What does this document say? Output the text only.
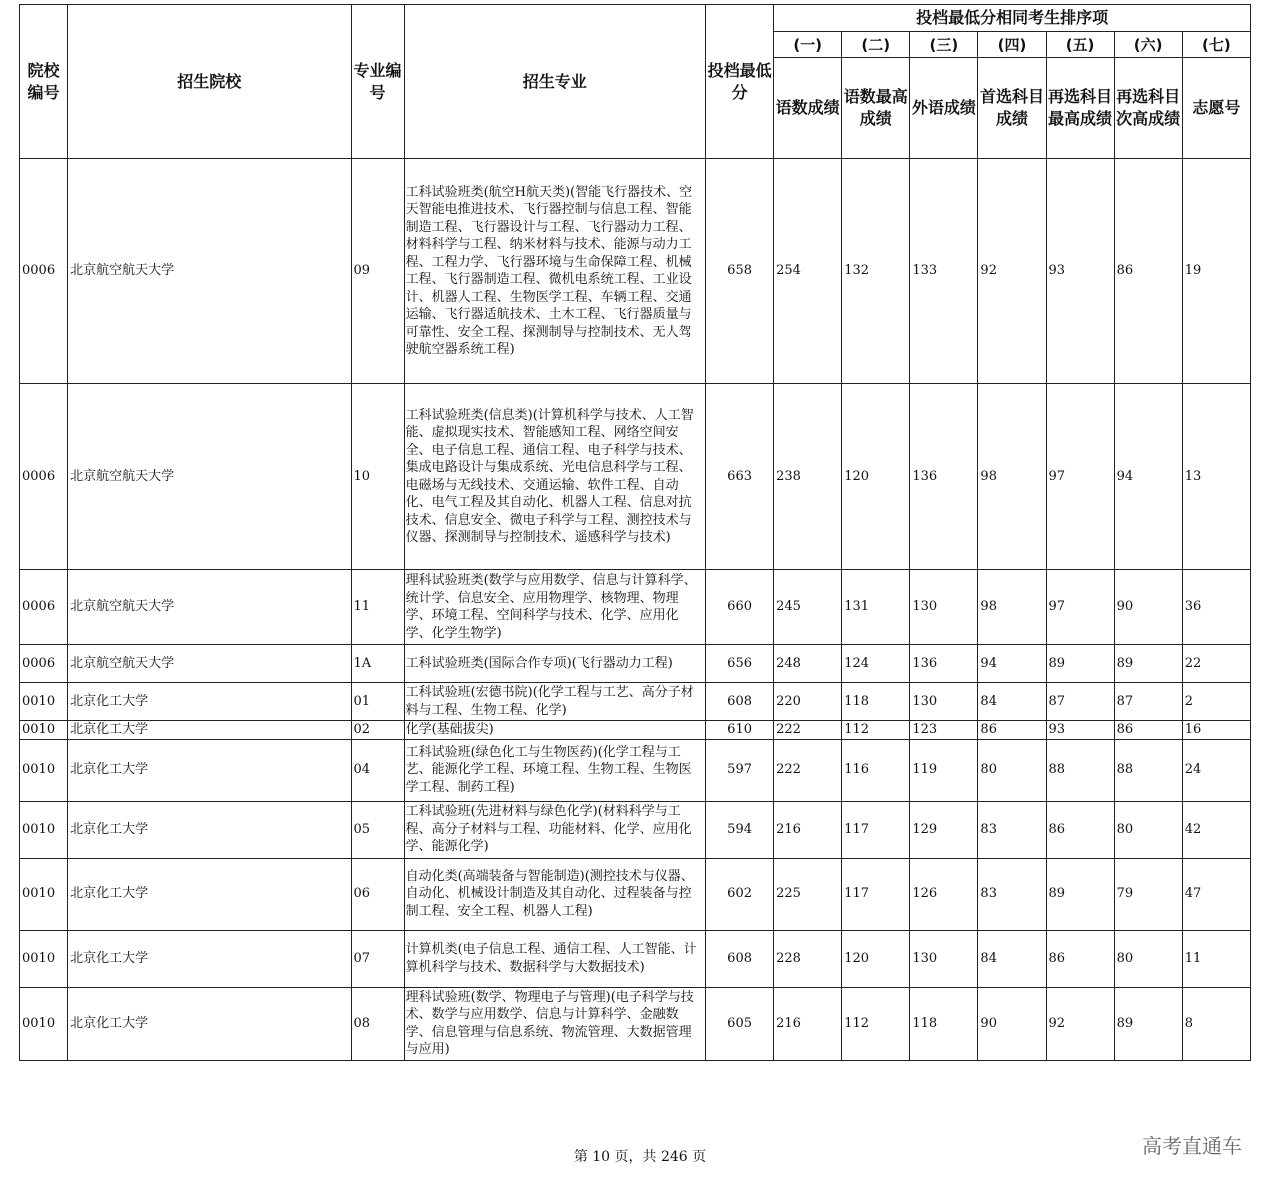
院校编号	招生院校	专业编号	招生专业	投档最低分	投档最低分相同考生排序项						
					(一)	(二)	(三)	(四)	(五)	(六)	(七)
					语数成绩	语数最高成绩	外语成绩	首选科目成绩	再选科目最高成绩	再选科目次高成绩	志愿号
0006	北京航空航天大学	09	工科试验班类(航空H航天类)(智能飞行器技术、空天智能电推进技术、飞行器控制与信息工程、智能制造工程、飞行器设计与工程、飞行器动力工程、材料科学与工程、纳米材料与技术、能源与动力工程、工程力学、飞行器环境与生命保障工程、机械工程、飞行器制造工程、微机电系统工程、工业设计、机器人工程、生物医学工程、车辆工程、交通运输、飞行器适航技术、土木工程、飞行器质量与可靠性、安全工程、探测制导与控制技术、无人驾驶航空器系统工程)	658	254	132	133	92	93	86	19
0006	北京航空航天大学	10	工科试验班类(信息类)(计算机科学与技术、人工智能、虚拟现实技术、智能感知工程、网络空间安全、电子信息工程、通信工程、电子科学与技术、集成电路设计与集成系统、光电信息科学与工程、电磁场与无线技术、交通运输、软件工程、自动化、电气工程及其自动化、机器人工程、信息对抗技术、信息安全、微电子科学与工程、测控技术与仪器、探测制导与控制技术、遥感科学与技术)	663	238	120	136	98	97	94	13
0006	北京航空航天大学	11	理科试验班类(数学与应用数学、信息与计算科学、统计学、信息安全、应用物理学、核物理、物理学、环境工程、空间科学与技术、化学、应用化学、化学生物学)	660	245	131	130	98	97	90	36
0006	北京航空航天大学	1A	工科试验班类(国际合作专项)(飞行器动力工程)	656	248	124	136	94	89	89	22
0010	北京化工大学	01	工科试验班(宏德书院)(化学工程与工艺、高分子材料与工程、生物工程、化学)	608	220	118	130	84	87	87	2
0010	北京化工大学	02	化学(基础拔尖)	610	222	112	123	86	93	86	16
0010	北京化工大学	04	工科试验班(绿色化工与生物医药)(化学工程与工艺、能源化学工程、环境工程、生物工程、生物医学工程、制药工程)	597	222	116	119	80	88	88	24
0010	北京化工大学	05	工科试验班(先进材料与绿色化学)(材料科学与工程、高分子材料与工程、功能材料、化学、应用化学、能源化学)	594	216	117	129	83	86	80	42
0010	北京化工大学	06	自动化类(高端装备与智能制造)(测控技术与仪器、自动化、机械设计制造及其自动化、过程装备与控制工程、安全工程、机器人工程)	602	225	117	126	83	89	79	47
0010	北京化工大学	07	计算机类(电子信息工程、通信工程、人工智能、计算机科学与技术、数据科学与大数据技术)	608	228	120	130	84	86	80	11
0010	北京化工大学	08	理科试验班(数学、物理电子与管理)(电子科学与技术、数学与应用数学、信息与计算科学、金融数学、信息管理与信息系统、物流管理、大数据管理与应用)	605	216	112	118	90	92	89	8
第 10 页，共 246 页	高考直通车
